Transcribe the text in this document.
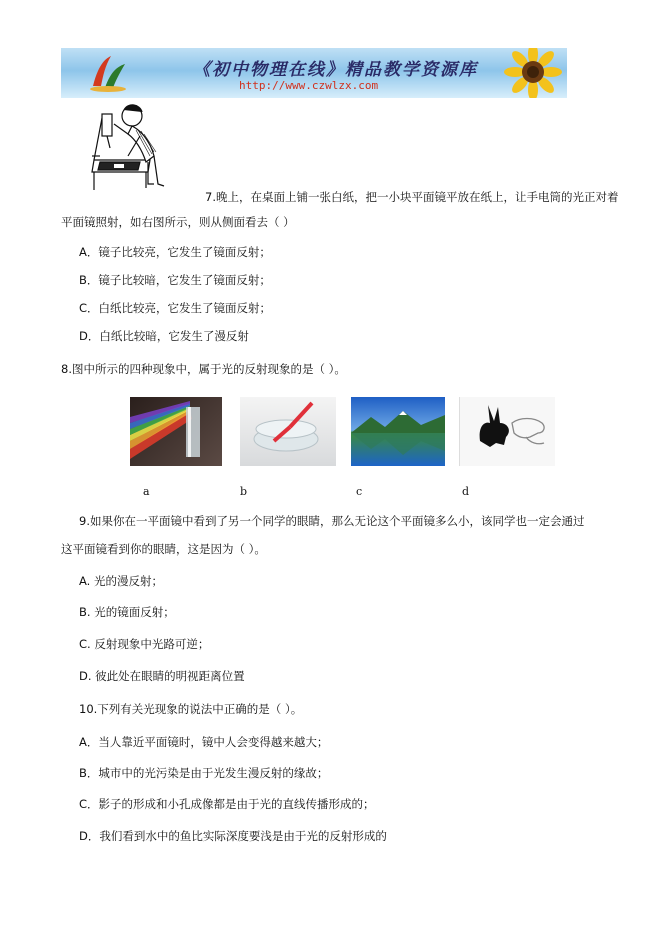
《初中物理在线》精品教学资源库
http://www.czwlzx.com
7.晚上，在桌面上铺一张白纸，把一小块平面镜平放在纸上，让手电筒的光正对着
平面镜照射，如右图所示，则从侧面看去（ ）
A．镜子比较亮，它发生了镜面反射；
B．镜子比较暗，它发生了镜面反射；
C．白纸比较亮，它发生了镜面反射；
D．白纸比较暗，它发生了漫反射
8.图中所示的四种现象中，属于光的反射现象的是（ ）。
a	b	c	d
9.如果你在一平面镜中看到了另一个同学的眼睛，那么无论这个平面镜多么小，该同学也一定会通过
这平面镜看到你的眼睛，这是因为（ ）。
A. 光的漫反射；
B. 光的镜面反射；
C. 反射现象中光路可逆；
D. 彼此处在眼睛的明视距离位置
10.下列有关光现象的说法中正确的是（ ）。
A．当人靠近平面镜时，镜中人会变得越来越大；
B．城市中的光污染是由于光发生漫反射的缘故；
C．影子的形成和小孔成像都是由于光的直线传播形成的；
D．我们看到水中的鱼比实际深度要浅是由于光的反射形成的
